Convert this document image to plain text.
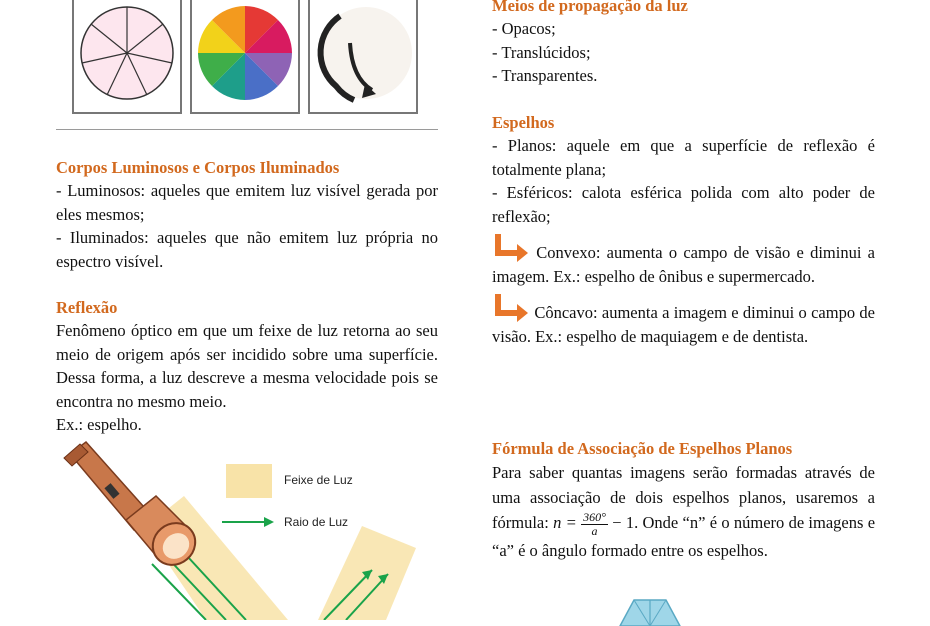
Corpos Luminosos e Corpos Iluminados

- Luminosos: aqueles que emitem luz visível gerada por eles mesmos;

- Iluminados: aqueles que não emitem luz própria no espectro visível.

Reflexão

Fenômeno óptico em que um feixe de luz retorna ao seu meio de origem após ser incidido sobre uma superfície. Dessa forma, a luz descreve a mesma velocidade pois se encontra no mesmo meio.

Ex.: espelho.

Feixe de Luz
Raio de Luz
Meios de propagação da luz

- Opacos;

- Translúcidos;

- Transparentes.

Espelhos

- Planos: aquele em que a superfície de reflexão é totalmente plana;

- Esféricos: calota esférica polida com alto poder de reflexão;

Convexo: aumenta o campo de visão e diminui a imagem. Ex.: espelho de ônibus e supermercado.

Côncavo: aumenta a imagem e diminui o campo de visão. Ex.: espelho de maquiagem e de dentista.

Fórmula de Associação de Espelhos Planos

Para saber quantas imagens serão formadas através de uma associação de dois espelhos planos, usaremos a fórmula: $n = \frac{360^\circ}{a} - 1$. Onde “n” é o número de imagens e “a” é o ângulo formado entre os espelhos.
